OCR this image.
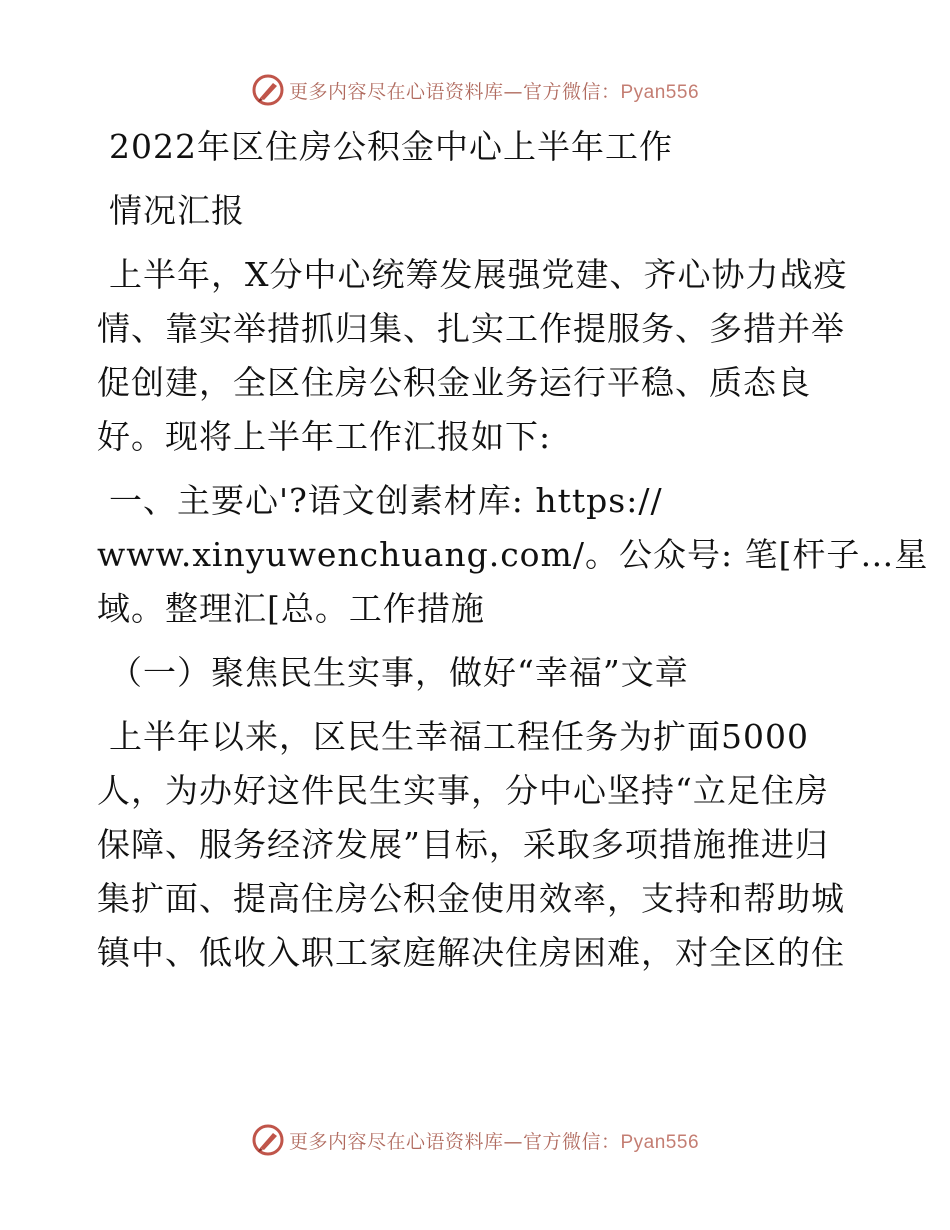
更多内容尽在心语资料库—官方微信：Pyan556
2022年区住房公积金中心上半年工作
情况汇报
上半年，X分中心统筹发展强党建、齐心协力战疫
情、靠实举措抓归集、扎实工作提服务、多措并举
促创建，全区住房公积金业务运行平稳、质态良
好。现将上半年工作汇报如下:
一、主要心'?语文创素材库: https://
www.xinyuwenchuang.com/。公众号: 笔[杆子…星
域。整理汇[总。工作措施
（一）聚焦民生实事，做好“幸福”文章
上半年以来，区民生幸福工程任务为扩面5000
人，为办好这件民生实事，分中心坚持“立足住房
保障、服务经济发展”目标，采取多项措施推进归
集扩面、提高住房公积金使用效率，支持和帮助城
镇中、低收入职工家庭解决住房困难，对全区的住
更多内容尽在心语资料库—官方微信：Pyan556
